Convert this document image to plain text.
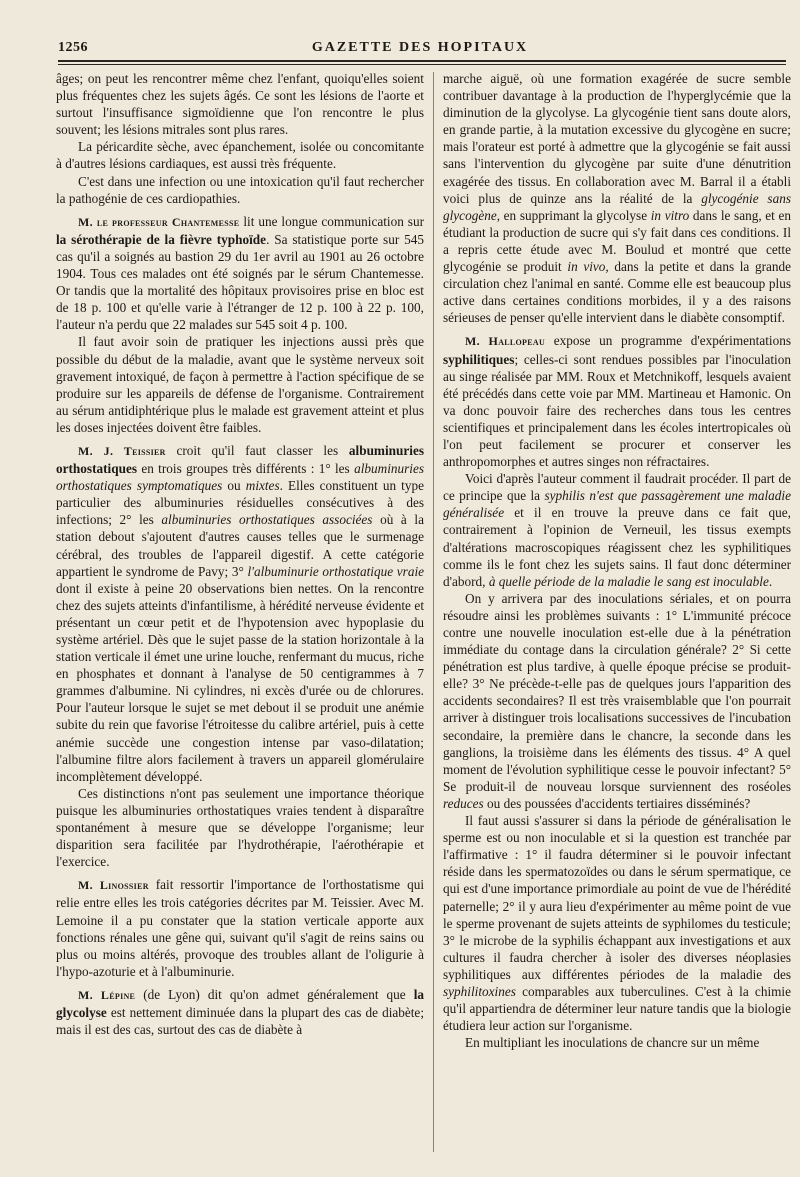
1256	GAZETTE DES HOPITAUX

âges; on peut les rencontrer même chez l'enfant, quoiqu'elles soient plus fréquentes chez les sujets âgés. Ce sont les lésions de l'aorte et surtout l'insuffisance sigmoïdienne que l'on rencontre le plus souvent; les lésions mitrales sont plus rares.

La péricardite sèche, avec épanchement, isolée ou concomitante à d'autres lésions cardiaques, est aussi très fréquente.

C'est dans une infection ou une intoxication qu'il faut rechercher la pathogénie de ces cardiopathies.

M. le professeur Chantemesse lit une longue communication sur la sérothérapie de la fièvre typhoïde. Sa statistique porte sur 545 cas qu'il a soignés au bastion 29 du 1er avril au 1901 au 26 octobre 1904. Tous ces malades ont été soignés par le sérum Chantemesse. Or tandis que la mortalité des hôpitaux provisoires prise en bloc est de 18 p. 100 et qu'elle varie à l'étranger de 12 p. 100 à 22 p. 100, l'auteur n'a perdu que 22 malades sur 545 soit 4 p. 100.

Il faut avoir soin de pratiquer les injections aussi près que possible du début de la maladie, avant que le système nerveux soit gravement intoxiqué, de façon à permettre à l'action spécifique de se produire sur les appareils de défense de l'organisme. Contrairement au sérum antidiphtérique plus le malade est gravement atteint et plus les doses injectées doivent être faibles.

M. J. Teissier croit qu'il faut classer les albuminuries orthostatiques en trois groupes très différents : 1° les albuminuries orthostatiques symptomatiques ou mixtes. Elles constituent un type particulier des albuminuries résiduelles consécutives à des infections; 2° les albuminuries orthostatiques associées où à la station debout s'ajoutent d'autres causes telles que le surmenage cérébral, des troubles de l'appareil digestif. A cette catégorie appartient le syndrome de Pavy; 3° l'albuminurie orthostatique vraie dont il existe à peine 20 observations bien nettes. On la rencontre chez des sujets atteints d'infantilisme, à hérédité nerveuse évidente et présentant un cœur petit et de l'hypotension avec hypoplasie du système artériel. Dès que le sujet passe de la station horizontale à la station verticale il émet une urine louche, renfermant du mucus, riche en phosphates et donnant à l'analyse de 50 centigrammes à 7 grammes d'albumine. Ni cylindres, ni excès d'urée ou de chlorures. Pour l'auteur lorsque le sujet se met debout il se produit une anémie subite du rein que favorise l'étroitesse du calibre artériel, puis à cette anémie succède une congestion intense par vaso-dilatation; l'albumine filtre alors facilement à travers un appareil glomérulaire incomplètement développé.

Ces distinctions n'ont pas seulement une importance théorique puisque les albuminuries orthostatiques vraies tendent à disparaître spontanément à mesure que se développe l'organisme; leur disparition sera facilitée par l'hydrothérapie, l'aérothérapie et l'exercice.

M. Linossier fait ressortir l'importance de l'orthostatisme qui relie entre elles les trois catégories décrites par M. Teissier. Avec M. Lemoine il a pu constater que la station verticale apporte aux fonctions rénales une gêne qui, suivant qu'il s'agit de reins sains ou plus ou moins altérés, provoque des troubles allant de l'oligurie à l'hypo-azoturie et à l'albuminurie.

M. Lépine (de Lyon) dit qu'on admet généralement que la glycolyse est nettement diminuée dans la plupart des cas de diabète; mais il est des cas, surtout des cas de diabète à

marche aiguë, où une formation exagérée de sucre semble contribuer davantage à la production de l'hyperglycémie que la diminution de la glycolyse. La glycogénie tient sans doute alors, en grande partie, à la mutation excessive du glycogène en sucre; mais l'orateur est porté à admettre que la glycogénie se fait aussi sans l'intervention du glycogène par suite d'une dénutrition exagérée des tissus. En collaboration avec M. Barral il a établi voici plus de quinze ans la réalité de la glycogénie sans glycogène, en supprimant la glycolyse in vitro dans le sang, et en étudiant la production de sucre qui s'y fait dans ces conditions. Il a repris cette étude avec M. Boulud et montré que cette glycogénie se produit in vivo, dans la petite et dans la grande circulation chez l'animal en santé. Comme elle est beaucoup plus active dans certaines conditions morbides, il y a des raisons sérieuses de penser qu'elle intervient dans le diabète consomptif.

M. Hallopeau expose un programme d'expérimentations syphilitiques; celles-ci sont rendues possibles par l'inoculation au singe réalisée par MM. Roux et Metchnikoff, lesquels avaient été précédés dans cette voie par MM. Martineau et Hamonic. On va donc pouvoir faire des recherches dans tous les centres scientifiques et principalement dans les écoles intertropicales où l'on peut facilement se procurer et conserver les anthropomorphes et autres singes non réfractaires.

Voici d'après l'auteur comment il faudrait procéder. Il part de ce principe que la syphilis n'est que passagèrement une maladie généralisée et il en trouve la preuve dans ce fait que, contrairement à l'opinion de Verneuil, les tissus exempts d'altérations macroscopiques réagissent chez les syphilitiques comme ils le font chez les sujets sains. Il faut donc déterminer d'abord, à quelle période de la maladie le sang est inoculable.

On y arrivera par des inoculations sériales, et on pourra résoudre ainsi les problèmes suivants : 1° L'immunité précoce contre une nouvelle inoculation est-elle due à la pénétration immédiate du contage dans la circulation générale? 2° Si cette pénétration est plus tardive, à quelle époque précise se produit-elle? 3° Ne précède-t-elle pas de quelques jours l'apparition des accidents secondaires? Il est très vraisemblable que l'on pourrait arriver à distinguer trois localisations successives de l'incubation secondaire, la première dans le chancre, la seconde dans les ganglions, la troisième dans les éléments des tissus. 4° A quel moment de l'évolution syphilitique cesse le pouvoir infectant? 5° Se produit-il de nouveau lorsque surviennent des roséoles reduces ou des poussées d'accidents tertiaires disséminés?

Il faut aussi s'assurer si dans la période de généralisation le sperme est ou non inoculable et si la question est tranchée par l'affirmative : 1° il faudra déterminer si le pouvoir infectant réside dans les spermatozoïdes ou dans le sérum spermatique, ce qui est d'une importance primordiale au point de vue de l'hérédité paternelle; 2° il y aura lieu d'expérimenter au même point de vue le sperme provenant de sujets atteints de syphilomes du testicule; 3° le microbe de la syphilis échappant aux investigations et aux cultures il faudra chercher à isoler des diverses néoplasies syphilitiques aux différentes périodes de la maladie des syphilitoxines comparables aux tuberculines. C'est à la chimie qu'il appartiendra de déterminer leur nature tandis que la biologie étudiera leur action sur l'organisme.

En multipliant les inoculations de chancre sur un même
